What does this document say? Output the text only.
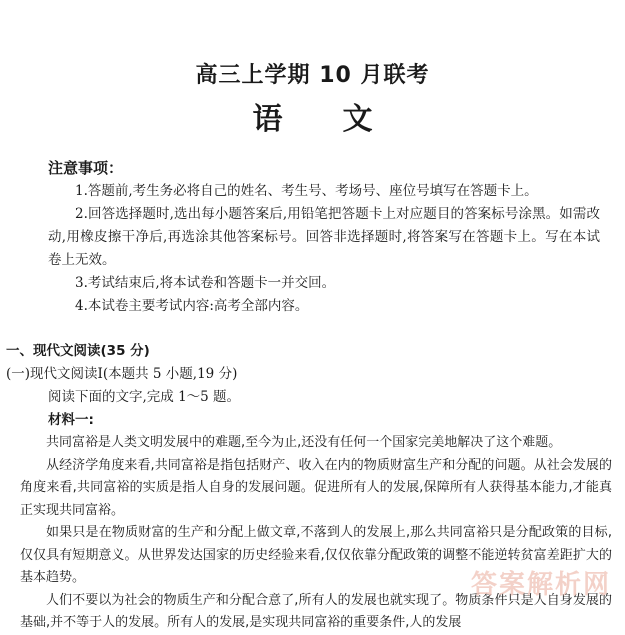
高三上学期 10 月联考
语文
注意事项：

1.答题前,考生务必将自己的姓名、考生号、考场号、座位号填写在答题卡上。

2.回答选择题时,选出每小题答案后,用铅笔把答题卡上对应题目的答案标号涂黑。如需改动,用橡皮擦干净后,再选涂其他答案标号。回答非选择题时,将答案写在答题卡上。写在本试卷上无效。

3.考试结束后,将本试卷和答题卡一并交回。

4.本试卷主要考试内容:高考全部内容。

一、现代文阅读(35 分)
(一)现代文阅读Ⅰ(本题共 5 小题,19 分)
阅读下面的文字,完成 1～5 题。
材料一:

共同富裕是人类文明发展中的难题,至今为止,还没有任何一个国家完美地解决了这个难题。

从经济学角度来看,共同富裕是指包括财产、收入在内的物质财富生产和分配的问题。从社会发展的角度来看,共同富裕的实质是指人自身的发展问题。促进所有人的发展,保障所有人获得基本能力,才能真正实现共同富裕。

如果只是在物质财富的生产和分配上做文章,不落到人的发展上,那么共同富裕只是分配政策的目标,仅仅具有短期意义。从世界发达国家的历史经验来看,仅仅依靠分配政策的调整不能逆转贫富差距扩大的基本趋势。

人们不要以为社会的物质生产和分配合意了,所有人的发展也就实现了。物质条件只是人自身发展的基础,并不等于人的发展。所有人的发展,是实现共同富裕的重要条件,人的发展

答案解析网
